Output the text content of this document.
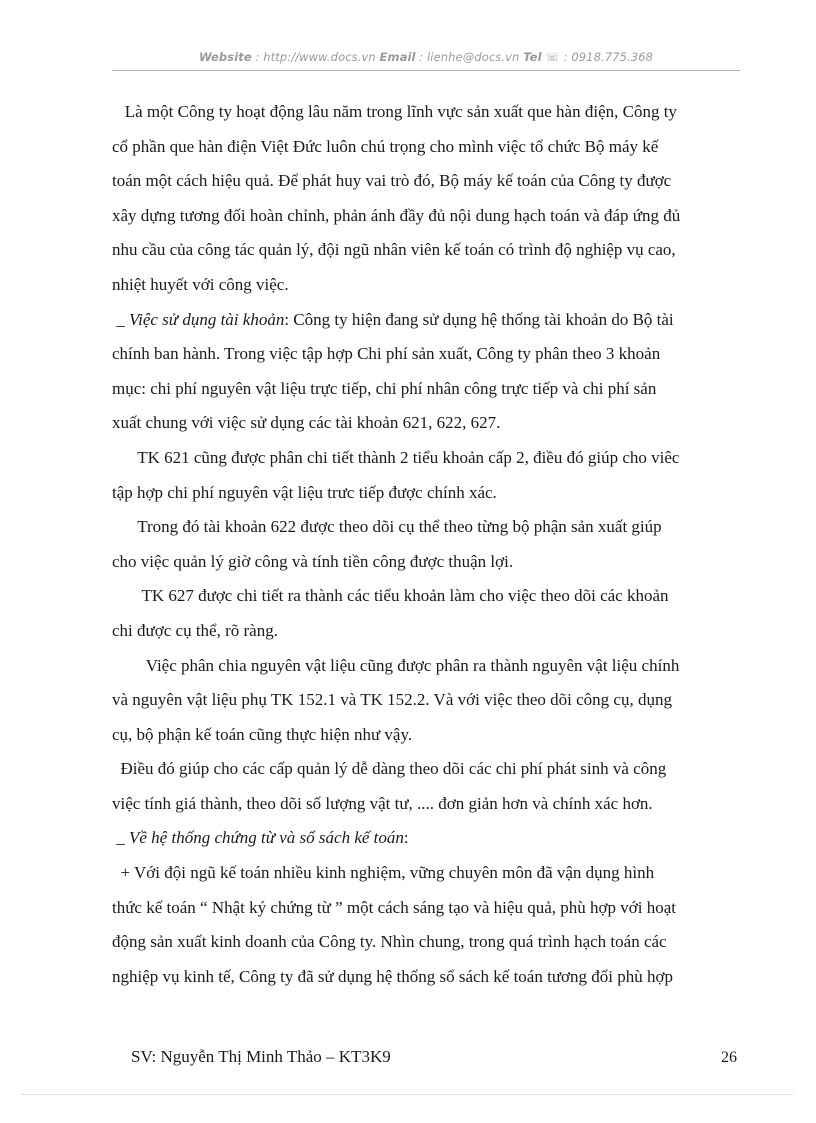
Website : http://www.docs.vn Email : lienhe@docs.vn Tel ☏ : 0918.775.368
Là một Công ty hoạt động lâu năm trong lĩnh vực sản xuất que hàn điện, Công ty
cổ phần que hàn điện Việt Đức luôn chú trọng cho mình việc tổ chức Bộ máy kế
toán một cách hiệu quả. Để phát huy vai trò đó, Bộ máy kế toán của Công ty được
xây dựng tương đối hoàn chỉnh, phản ánh đầy đủ nội dung hạch toán và đáp ứng đủ
nhu cầu của công tác quản lý, đội ngũ nhân viên kế toán có trình độ nghiệp vụ cao,
nhiệt huyết với công việc.
_ Việc sử dụng tài khoản: Công ty hiện đang sử dụng hệ thống tài khoản do Bộ tài
chính ban hành. Trong việc tập hợp Chi phí sản xuất, Công ty phân theo 3 khoản
mục: chi phí nguyên vật liệu trực tiếp, chi phí nhân công trực tiếp và chi phí sản
xuất chung với việc sử dụng các tài khoản 621, 622, 627.
TK 621 cũng được phân chi tiết thành 2 tiểu khoản cấp 2, điều đó giúp cho viêc
tập hợp chi phí nguyên vật liệu trưc tiếp được chính xác.
Trong đó tài khoản 622 được theo dõi cụ thể theo từng bộ phận sản xuất giúp
cho việc quản lý giờ công và tính tiền công được thuận lợi.
TK 627 được chi tiết ra thành các tiểu khoản làm cho việc theo dõi các khoản
chi được cụ thể, rõ ràng.
Việc phân chia nguyên vật liệu cũng được phân ra thành nguyên vật liệu chính
và nguyên vật liệu phụ TK 152.1 và TK 152.2. Và với việc theo dõi công cụ, dụng
cụ, bộ phận kế toán cũng thực hiện như vậy.
Điều đó giúp cho các cấp quản lý dễ dàng theo dõi các chi phí phát sinh và công
việc tính giá thành, theo dõi số lượng vật tư, .... đơn giản hơn và chính xác hơn.
_ Về hệ thống chứng từ và sổ sách kế toán:
+ Với đội ngũ kế toán nhiều kinh nghiệm, vững chuyên môn đã vận dụng hình
thức kế toán “ Nhật ký chứng từ ” một cách sáng tạo và hiệu quả, phù hợp với hoạt
động sản xuất kinh doanh của Công ty. Nhìn chung, trong quá trình hạch toán các
nghiệp vụ kinh tế, Công ty đã sử dụng hệ thống sổ sách kế toán tương đối phù hợp
SV: Nguyễn Thị Minh Thảo – KT3K9	26
